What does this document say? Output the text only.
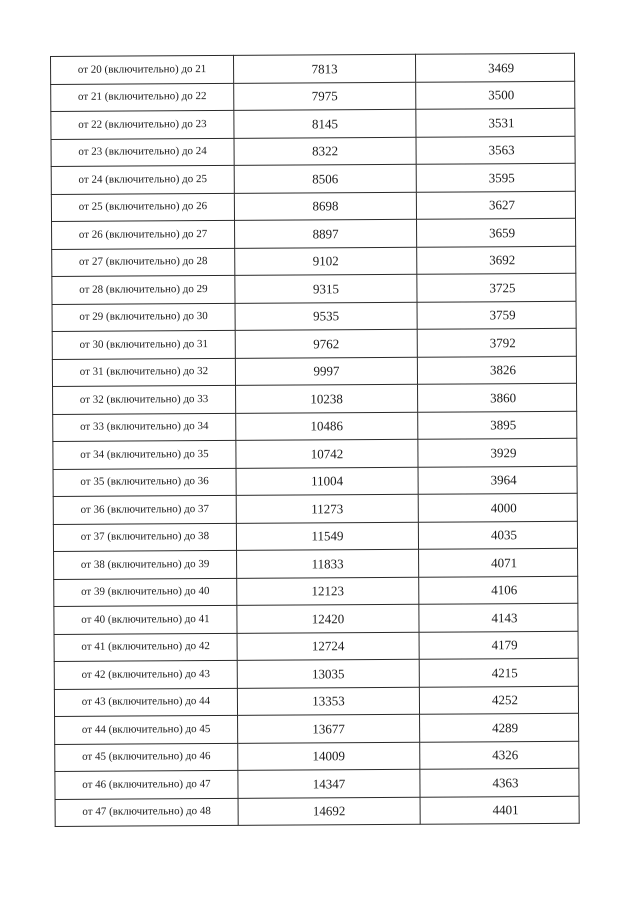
от 20 (включительно) до 21	7813	3469
от 21 (включительно) до 22	7975	3500
от 22 (включительно) до 23	8145	3531
от 23 (включительно) до 24	8322	3563
от 24 (включительно) до 25	8506	3595
от 25 (включительно) до 26	8698	3627
от 26 (включительно) до 27	8897	3659
от 27 (включительно) до 28	9102	3692
от 28 (включительно) до 29	9315	3725
от 29 (включительно) до 30	9535	3759
от 30 (включительно) до 31	9762	3792
от 31 (включительно) до 32	9997	3826
от 32 (включительно) до 33	10238	3860
от 33 (включительно) до 34	10486	3895
от 34 (включительно) до 35	10742	3929
от 35 (включительно) до 36	11004	3964
от 36 (включительно) до 37	11273	4000
от 37 (включительно) до 38	11549	4035
от 38 (включительно) до 39	11833	4071
от 39 (включительно) до 40	12123	4106
от 40 (включительно) до 41	12420	4143
от 41 (включительно) до 42	12724	4179
от 42 (включительно) до 43	13035	4215
от 43 (включительно) до 44	13353	4252
от 44 (включительно) до 45	13677	4289
от 45 (включительно) до 46	14009	4326
от 46 (включительно) до 47	14347	4363
от 47 (включительно) до 48	14692	4401
